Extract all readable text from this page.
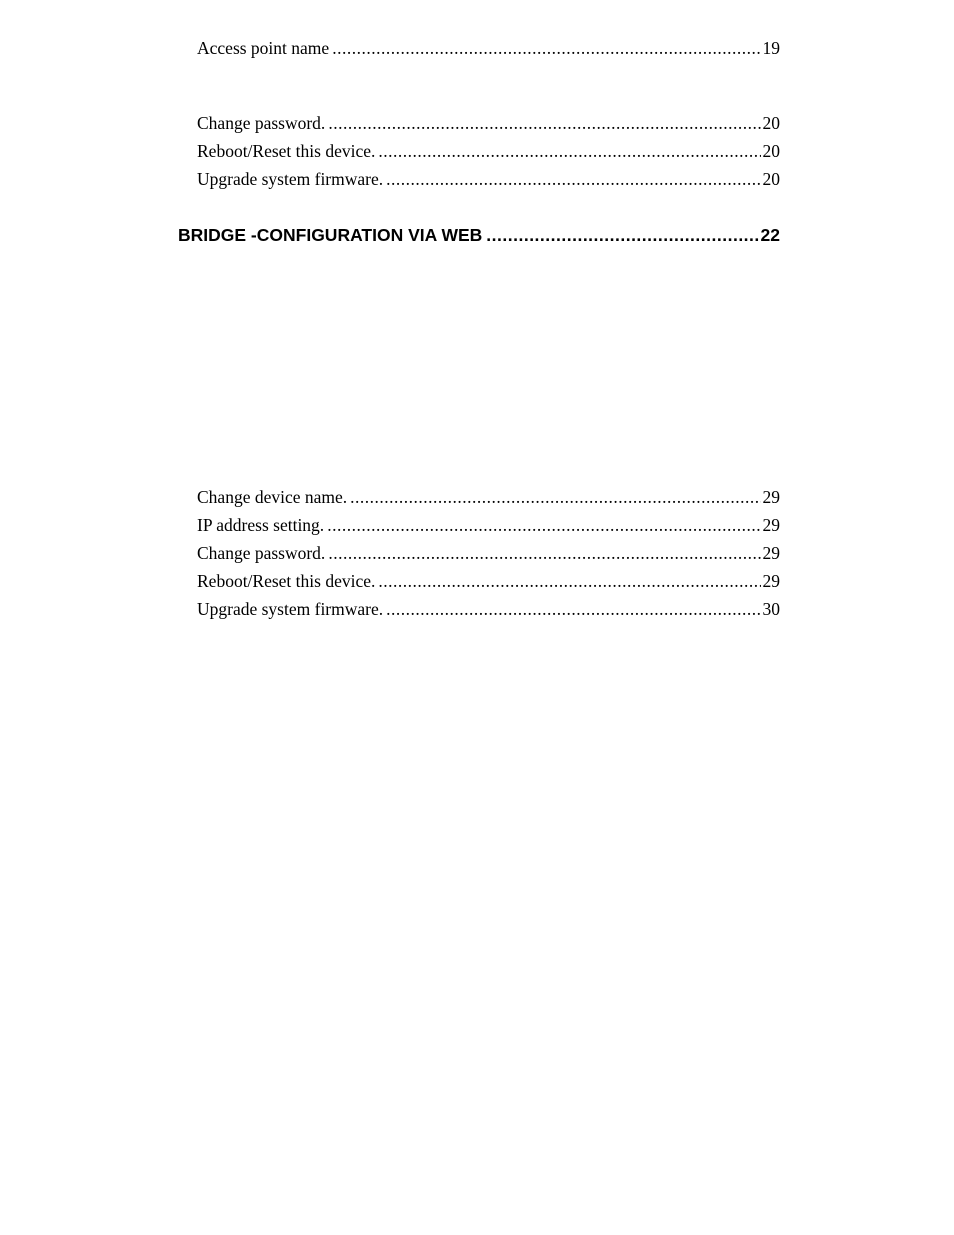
Access point name .....	19
Change password. .....	20
Reboot/Reset this device. .....	20
Upgrade system firmware. .....	20
BRIDGE -CONFIGURATION VIA WEB .....	22
Change device name. .....	29
IP address setting. .....	29
Change password. .....	29
Reboot/Reset this device. .....	29
Upgrade system firmware. .....	30
